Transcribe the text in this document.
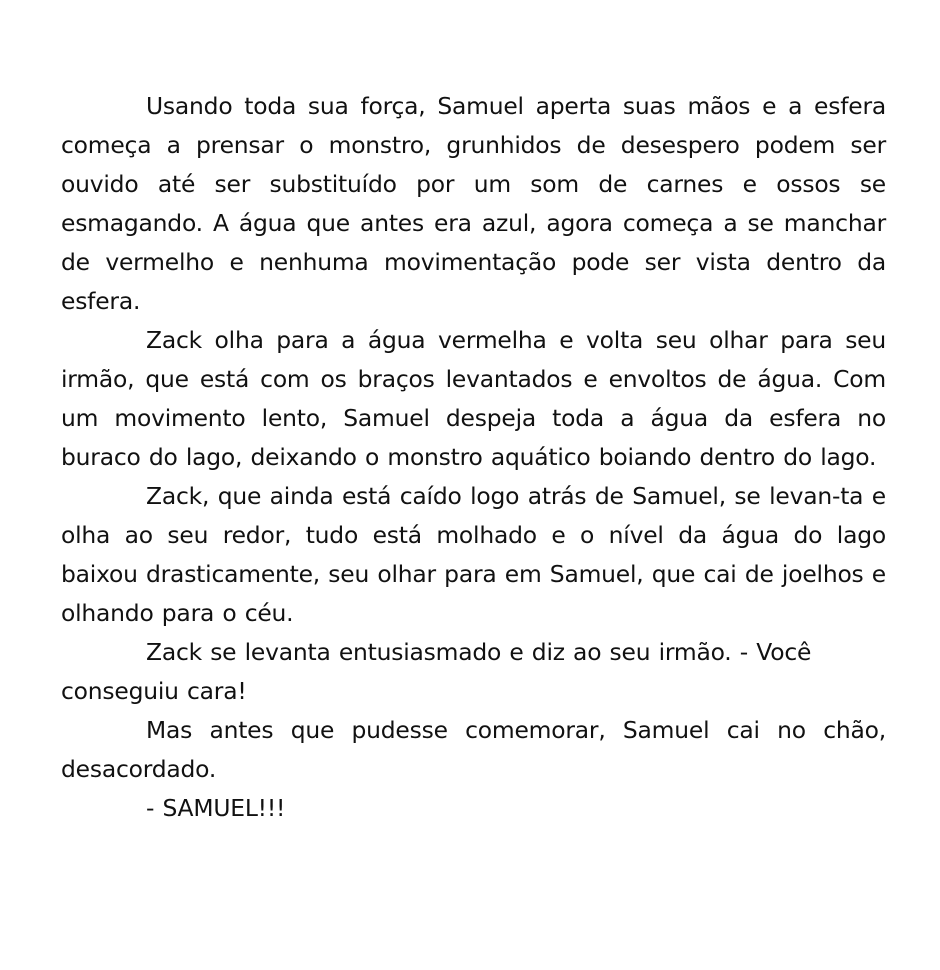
Usando toda sua força, Samuel aperta suas mãos e a esfera começa a prensar o monstro, grunhidos de desespero podem ser ouvido até ser substituído por um som de carnes e ossos se esmagando. A água que antes era azul, agora começa a se manchar de vermelho e nenhuma movimentação pode ser vista dentro da esfera.

Zack olha para a água vermelha e volta seu olhar para seu irmão, que está com os braços levantados e envoltos de água. Com um movimento lento, Samuel despeja toda a água da esfera no buraco do lago, deixando o monstro aquático boiando dentro do lago.

Zack, que ainda está caído logo atrás de Samuel, se levan-ta e olha ao seu redor, tudo está molhado e o nível da água do lago baixou drasticamente, seu olhar para em Samuel, que cai de joelhos e olhando para o céu.

Zack se levanta entusiasmado e diz ao seu irmão. - Você conseguiu cara!

Mas antes que pudesse comemorar, Samuel cai no chão, desacordado.

- SAMUEL!!!
